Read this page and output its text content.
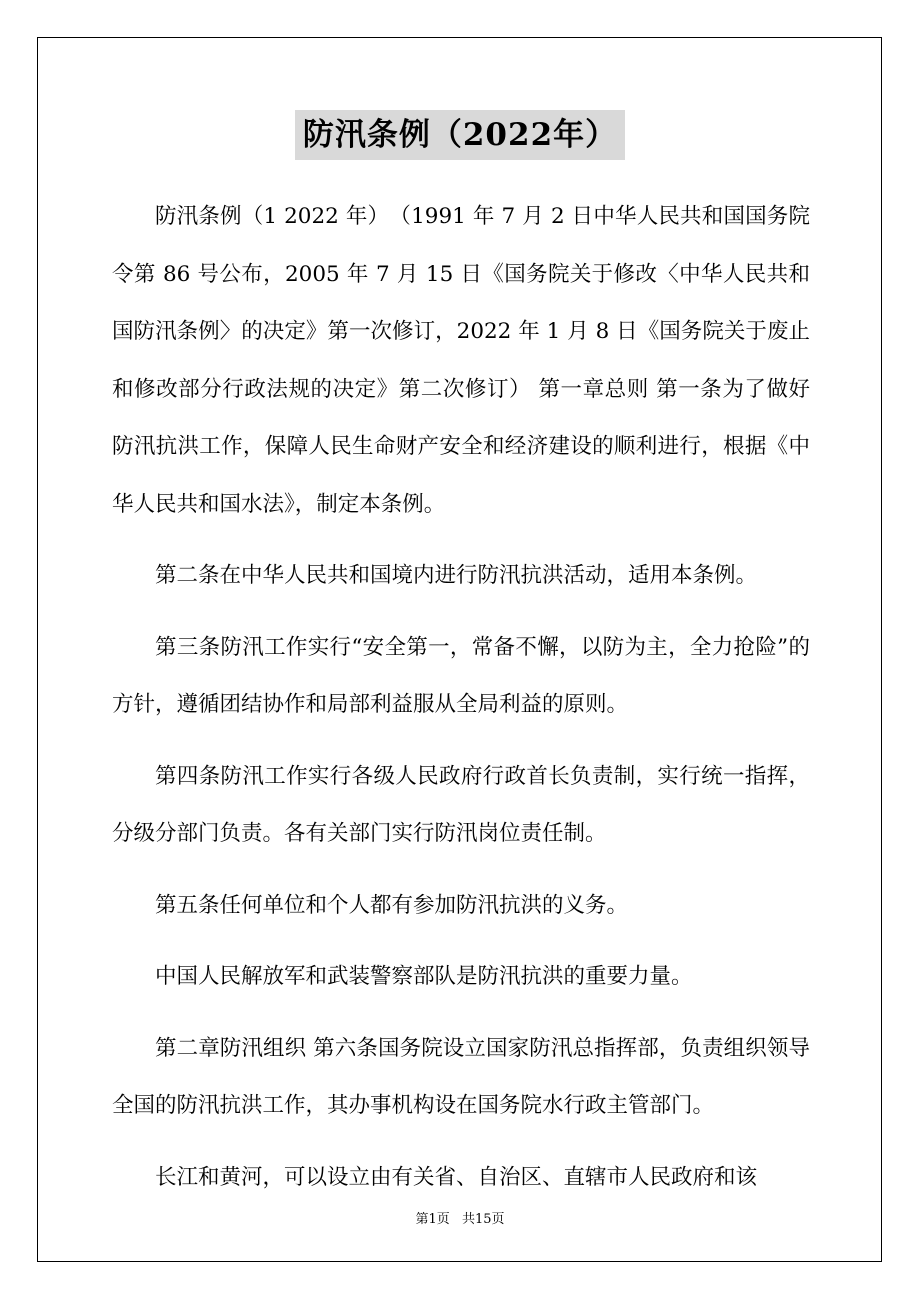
防汛条例（2022年）

防汛条例（1 2022 年）　（1991 年 7 月 2 日中华人民共和国国务院令第 86 号公布，2005 年 7 月 15 日《国务院关于修改〈中华人民共和国防汛条例〉的决定》第一次修订，2022 年 1 月 8 日《国务院关于废止和修改部分行政法规的决定》第二次修订） 第一章总则 第一条为了做好防汛抗洪工作，保障人民生命财产安全和经济建设的顺利进行，根据《中华人民共和国水法》，制定本条例。

第二条在中华人民共和国境内进行防汛抗洪活动，适用本条例。

第三条防汛工作实行“安全第一，常备不懈，以防为主，全力抢险”的方针，遵循团结协作和局部利益服从全局利益的原则。

第四条防汛工作实行各级人民政府行政首长负责制，实行统一指挥，分级分部门负责。各有关部门实行防汛岗位责任制。

第五条任何单位和个人都有参加防汛抗洪的义务。

中国人民解放军和武装警察部队是防汛抗洪的重要力量。

第二章防汛组织 第六条国务院设立国家防汛总指挥部，负责组织领导全国的防汛抗洪工作，其办事机构设在国务院水行政主管部门。

长江和黄河，可以设立由有关省、自治区、直辖市人民政府和该

第1页 共15页
